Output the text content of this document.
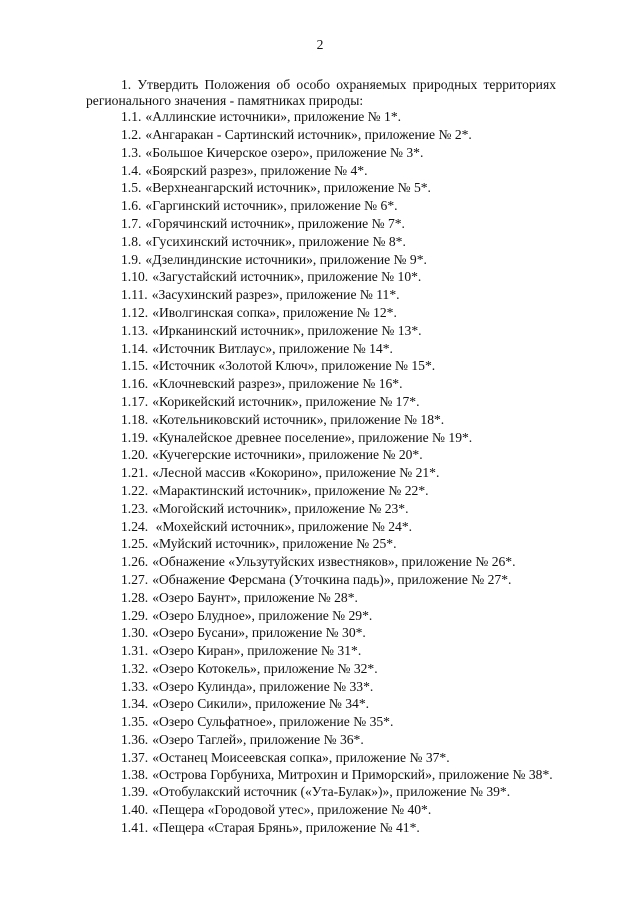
2

1. Утвердить Положения об особо охраняемых природных территориях регионального значения - памятниках природы:

1.1. «Аллинские источники», приложение № 1*.
1.2. «Ангаракан - Сартинский источник», приложение № 2*.
1.3. «Большое Кичерское озеро», приложение № 3*.
1.4. «Боярский разрез», приложение № 4*.
1.5. «Верхнеангарский источник», приложение № 5*.
1.6. «Гаргинский источник», приложение № 6*.
1.7. «Горячинский источник», приложение № 7*.
1.8. «Гусихинский источник», приложение № 8*.
1.9. «Дзелиндинские источники», приложение № 9*.
1.10. «Загустайский источник», приложение № 10*.
1.11. «Засухинский разрез», приложение № 11*.
1.12. «Иволгинская сопка», приложение № 12*.
1.13. «Ирканинский источник», приложение № 13*.
1.14. «Источник Витлаус», приложение № 14*.
1.15. «Источник «Золотой Ключ», приложение № 15*.
1.16. «Клочневский разрез», приложение № 16*.
1.17. «Корикейский источник», приложение № 17*.
1.18. «Котельниковский источник», приложение № 18*.
1.19. «Куналейское древнее поселение», приложение № 19*.
1.20. «Кучегерские источники», приложение № 20*.
1.21. «Лесной массив «Кокорино», приложение № 21*.
1.22. «Марактинский источник», приложение № 22*.
1.23. «Могойский источник», приложение № 23*.
1.24. «Мохейский источник», приложение № 24*.
1.25. «Муйский источник», приложение № 25*.
1.26. «Обнажение «Ульзутуйских известняков», приложение № 26*.
1.27. «Обнажение Ферсмана (Уточкина падь)», приложение № 27*.
1.28. «Озеро Баунт», приложение № 28*.
1.29. «Озеро Блудное», приложение № 29*.
1.30. «Озеро Бусани», приложение № 30*.
1.31. «Озеро Киран», приложение № 31*.
1.32. «Озеро Котокель», приложение № 32*.
1.33. «Озеро Кулинда», приложение № 33*.
1.34. «Озеро Сикили», приложение № 34*.
1.35. «Озеро Сульфатное», приложение № 35*.
1.36. «Озеро Таглей», приложение № 36*.
1.37. «Останец Моисеевская сопка», приложение № 37*.
1.38. «Острова Горбуниха, Митрохин и Приморский», приложение № 38*.
1.39. «Отобулакский источник («Ута-Булак»)», приложение № 39*.
1.40. «Пещера «Городовой утес», приложение № 40*.
1.41. «Пещера «Старая Брянь», приложение № 41*.
